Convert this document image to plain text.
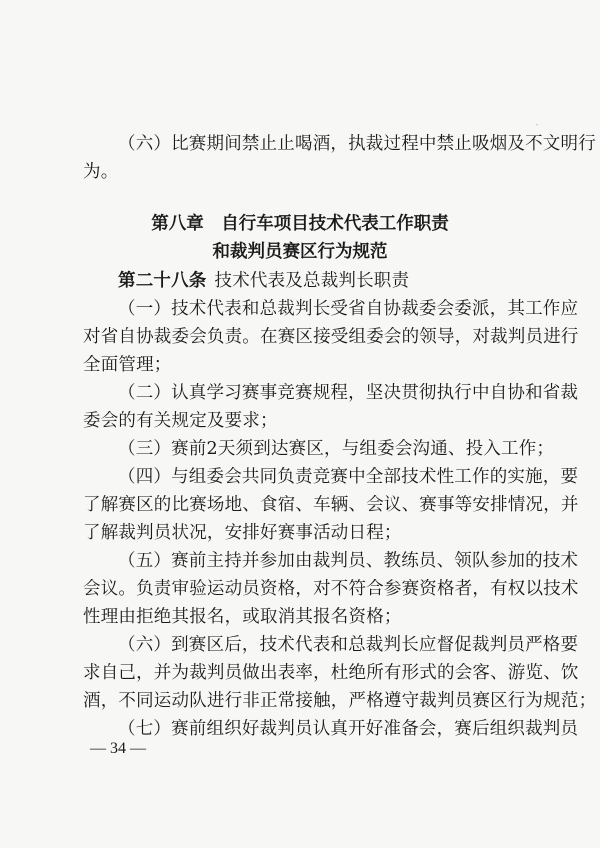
·
（六）比赛期间禁止止喝酒，执裁过程中禁止吸烟及不文明行
为。
第八章　自行车项目技术代表工作职责
和裁判员赛区行为规范
第二十八条 技术代表及总裁判长职责
（一）技术代表和总裁判长受省自协裁委会委派，其工作应
对省自协裁委会负责。在赛区接受组委会的领导，对裁判员进行
全面管理；
（二）认真学习赛事竞赛规程，坚决贯彻执行中自协和省裁
委会的有关规定及要求；
（三）赛前2天须到达赛区，与组委会沟通、投入工作；
（四）与组委会共同负责竞赛中全部技术性工作的实施，要
了解赛区的比赛场地、食宿、车辆、会议、赛事等安排情况，并
了解裁判员状况，安排好赛事活动日程；
（五）赛前主持并参加由裁判员、教练员、领队参加的技术
会议。负责审验运动员资格，对不符合参赛资格者，有权以技术
性理由拒绝其报名，或取消其报名资格；
（六）到赛区后，技术代表和总裁判长应督促裁判员严格要
求自己，并为裁判员做出表率，杜绝所有形式的会客、游览、饮
酒，不同运动队进行非正常接触，严格遵守裁判员赛区行为规范；
（七）赛前组织好裁判员认真开好准备会，赛后组织裁判员
— 34 —
